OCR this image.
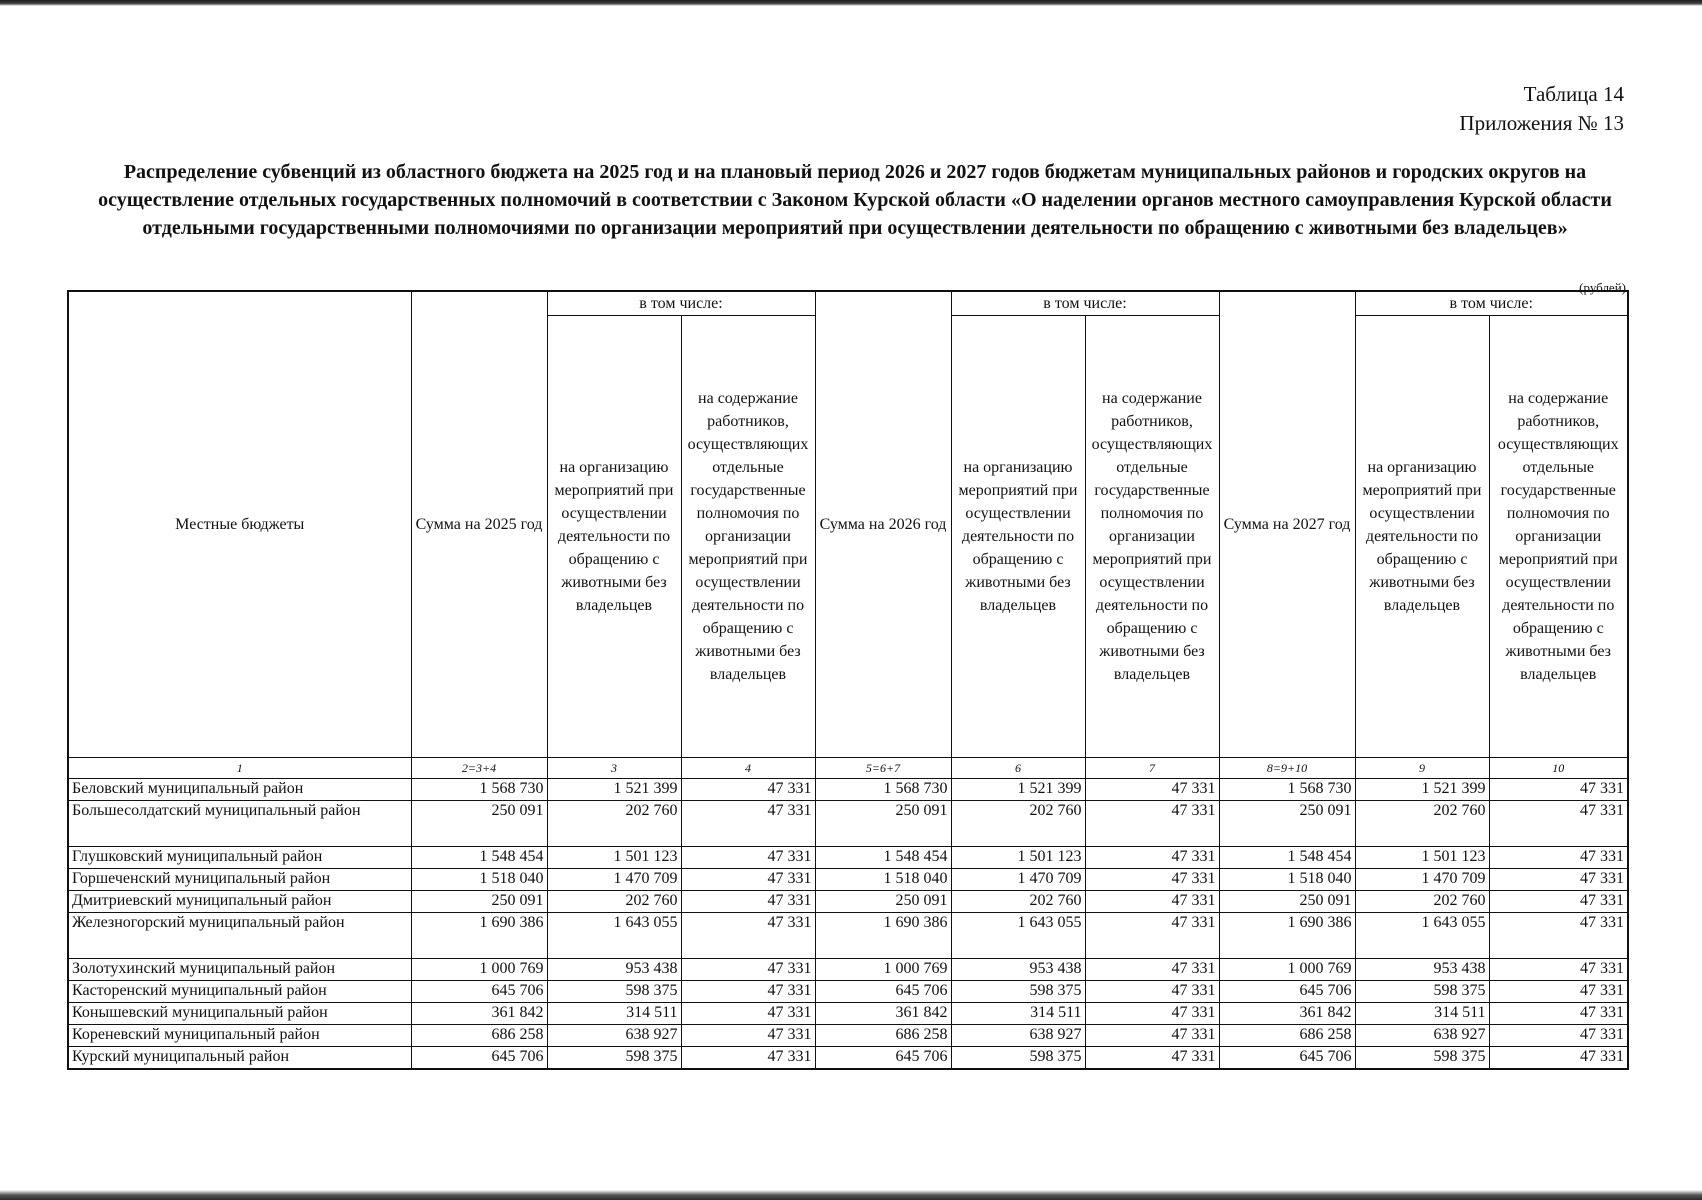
Таблица 14
Приложения № 13
Распределение субвенций из областного бюджета на 2025 год и на плановый период 2026 и 2027 годов бюджетам муниципальных районов и городских округов на осуществление отдельных государственных полномочий в соответствии с Законом Курской области «О наделении органов местного самоуправления Курской области отдельными государственными полномочиями по организации мероприятий при осуществлении деятельности по обращению с животными без владельцев»
(рублей)
Местные бюджеты	Сумма на 2025 год	в том числе:		Сумма на 2026 год	в том числе:		Сумма на 2027 год	в том числе:	
		на организацию мероприятий при осуществлении деятельности по обращению с животными без владельцев	на содержание работников, осуществляющих отдельные государственные полномочия по организации мероприятий при осуществлении деятельности по обращению с животными без владельцев		на организацию мероприятий при осуществлении деятельности по обращению с животными без владельцев	на содержание работников, осуществляющих отдельные государственные полномочия по организации мероприятий при осуществлении деятельности по обращению с животными без владельцев		на организацию мероприятий при осуществлении деятельности по обращению с животными без владельцев	на содержание работников, осуществляющих отдельные государственные полномочия по организации мероприятий при осуществлении деятельности по обращению с животными без владельцев
1	2=3+4	3	4	5=6+7	6	7	8=9+10	9	10
Беловский муниципальный район	1 568 730	1 521 399	47 331	1 568 730	1 521 399	47 331	1 568 730	1 521 399	47 331
Большесолдатский муниципальный район	250 091	202 760	47 331	250 091	202 760	47 331	250 091	202 760	47 331
Глушковский муниципальный район	1 548 454	1 501 123	47 331	1 548 454	1 501 123	47 331	1 548 454	1 501 123	47 331
Горшеченский муниципальный район	1 518 040	1 470 709	47 331	1 518 040	1 470 709	47 331	1 518 040	1 470 709	47 331
Дмитриевский муниципальный район	250 091	202 760	47 331	250 091	202 760	47 331	250 091	202 760	47 331
Железногорский муниципальный район	1 690 386	1 643 055	47 331	1 690 386	1 643 055	47 331	1 690 386	1 643 055	47 331
Золотухинский муниципальный район	1 000 769	953 438	47 331	1 000 769	953 438	47 331	1 000 769	953 438	47 331
Касторенский муниципальный район	645 706	598 375	47 331	645 706	598 375	47 331	645 706	598 375	47 331
Конышевский муниципальный район	361 842	314 511	47 331	361 842	314 511	47 331	361 842	314 511	47 331
Кореневский муниципальный район	686 258	638 927	47 331	686 258	638 927	47 331	686 258	638 927	47 331
Курский муниципальный район	645 706	598 375	47 331	645 706	598 375	47 331	645 706	598 375	47 331
